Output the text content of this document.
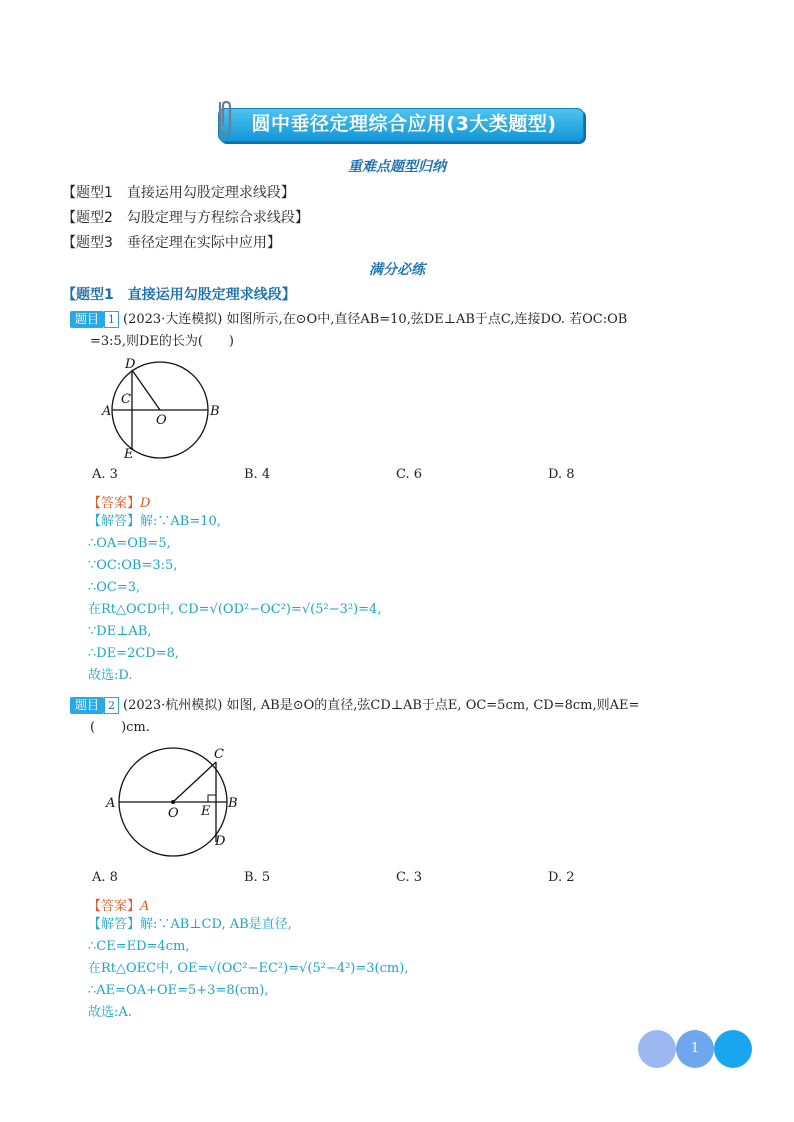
圆中垂径定理综合应用(3大类题型)
重难点题型归纳
【题型1　直接运用勾股定理求线段】
【题型2　勾股定理与方程综合求线段】
【题型3　垂径定理在实际中应用】
满分必练
【题型1　直接运用勾股定理求线段】
题目 1 (2023·大连模拟) 如图所示,在⊙O中,直径AB=10,弦DE⊥AB于点C,连接DO. 若OC:OB
=3:5,则DE的长为(　　)
D
C
A
O
B
E
A. 3	B. 4	C. 6	D. 8
【答案】D
【解答】解:∵AB=10,
∴OA=OB=5,
∵OC:OB=3:5,
∴OC=3,
在Rt△OCD中, CD=√(OD²−OC²)=√(5²−3²)=4,
∵DE⊥AB,
∴DE=2CD=8,
故选:D.
题目 2 (2023·杭州模拟) 如图, AB是⊙O的直径,弦CD⊥AB于点E, OC=5cm, CD=8cm,则AE=
(　　)cm.
C
A
E
B
O
D
A. 8	B. 5	C. 3	D. 2
【答案】A
【解答】解:∵AB⊥CD, AB是直径,
∴CE=ED=4cm,
在Rt△OEC中, OE=√(OC²−EC²)=√(5²−4²)=3(cm),
∴AE=OA+OE=5+3=8(cm),
故选:A.
1
